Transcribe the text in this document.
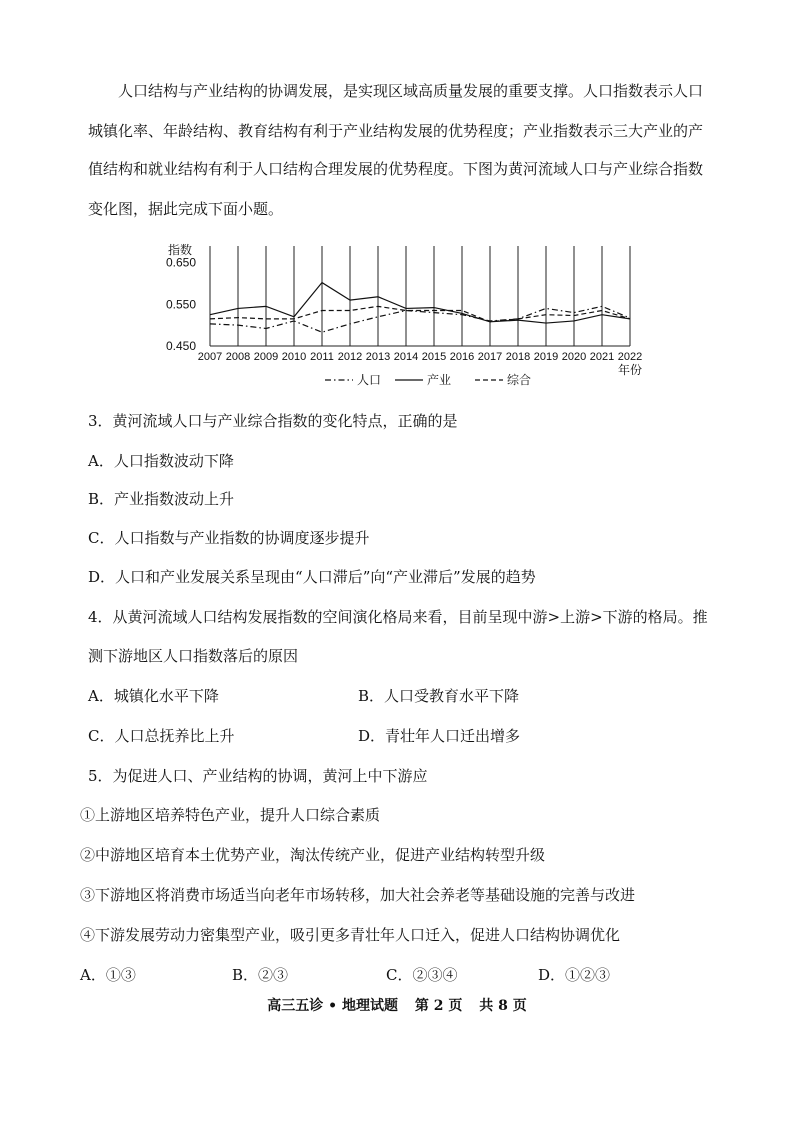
人口结构与产业结构的协调发展，是实现区域高质量发展的重要支撑。人口指数表示人口
城镇化率、年龄结构、教育结构有利于产业结构发展的优势程度；产业指数表示三大产业的产
值结构和就业结构有利于人口结构合理发展的优势程度。下图为黄河流域人口与产业综合指数
变化图，据此完成下面小题。
指数
0.650
0.550
0.450
2007 2008 2009 2010 2011 2012 2013 2014 2015 2016 2017 2018 2019 2020 2021 2022
年份
人口	产业	综合
3．黄河流域人口与产业综合指数的变化特点，正确的是
A．人口指数波动下降
B．产业指数波动上升
C．人口指数与产业指数的协调度逐步提升
D．人口和产业发展关系呈现由“人口滞后”向“产业滞后”发展的趋势
4．从黄河流域人口结构发展指数的空间演化格局来看，目前呈现中游>上游>下游的格局。推
测下游地区人口指数落后的原因
A．城镇化水平下降	B．人口受教育水平下降
C．人口总抚养比上升	D．青壮年人口迁出增多
5．为促进人口、产业结构的协调，黄河上中下游应
①上游地区培养特色产业，提升人口综合素质
②中游地区培育本土优势产业，淘汰传统产业，促进产业结构转型升级
③下游地区将消费市场适当向老年市场转移，加大社会养老等基础设施的完善与改进
④下游发展劳动力密集型产业，吸引更多青壮年人口迁入，促进人口结构协调优化
A．①③	B．②③	C．②③④	D．①②③
高三五诊 • 地理试题 第 2 页 共 8 页
